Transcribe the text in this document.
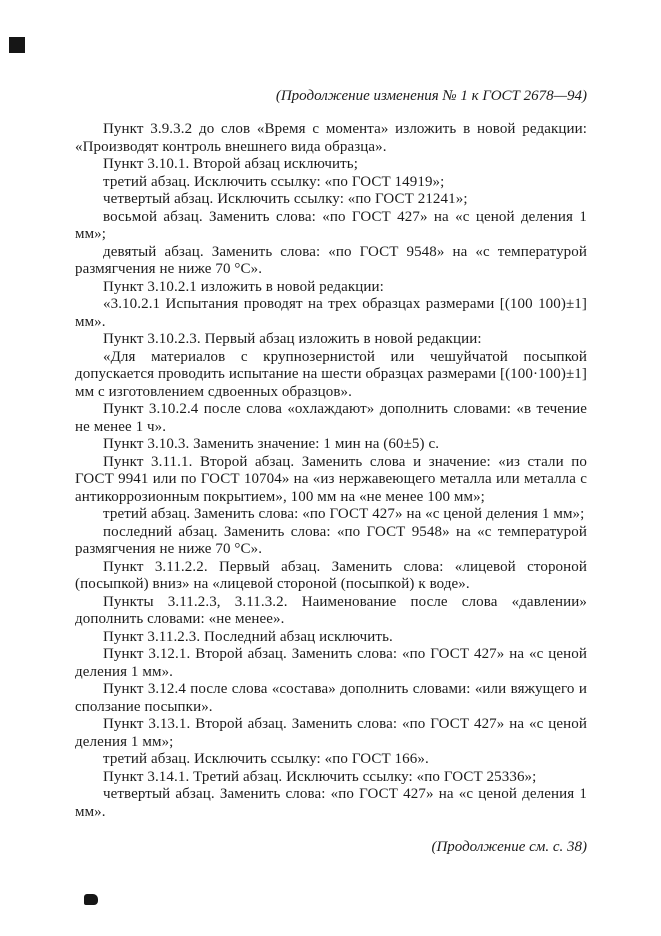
(Продолжение изменения № 1 к ГОСТ 2678—94)

Пункт 3.9.3.2 до слов «Время с момента» изложить в новой редакции: «Производят контроль внешнего вида образца».

Пункт 3.10.1. Второй абзац исключить;

третий абзац. Исключить ссылку: «по ГОСТ 14919»;

четвертый абзац. Исключить ссылку: «по ГОСТ 21241»;

восьмой абзац. Заменить слова: «по ГОСТ 427» на «с ценой деления 1 мм»;

девятый абзац. Заменить слова: «по ГОСТ 9548» на «с температурой размягчения не ниже 70 °С».

Пункт 3.10.2.1 изложить в новой редакции:

«3.10.2.1 Испытания проводят на трех образцах размерами [(100 100)±1] мм».

Пункт 3.10.2.3. Первый абзац изложить в новой редакции:

«Для материалов с крупнозернистой или чешуйчатой посыпкой допускается проводить испытание на шести образцах размерами [(100·100)±1] мм с изготовлением сдвоенных образцов».

Пункт 3.10.2.4 после слова «охлаждают» дополнить словами: «в течение не менее 1 ч».

Пункт 3.10.3. Заменить значение: 1 мин на (60±5) с.

Пункт 3.11.1. Второй абзац. Заменить слова и значение: «из стали по ГОСТ 9941 или по ГОСТ 10704» на «из нержавеющего металла или металла с антикоррозионным покрытием», 100 мм на «не менее 100 мм»;

третий абзац. Заменить слова: «по ГОСТ 427» на «с ценой деления 1 мм»;

последний абзац. Заменить слова: «по ГОСТ 9548» на «с температурой размягчения не ниже 70 °С».

Пункт 3.11.2.2. Первый абзац. Заменить слова: «лицевой стороной (посыпкой) вниз» на «лицевой стороной (посыпкой) к воде».

Пункты 3.11.2.3, 3.11.3.2. Наименование после слова «давлении» дополнить словами: «не менее».

Пункт 3.11.2.3. Последний абзац исключить.

Пункт 3.12.1. Второй абзац. Заменить слова: «по ГОСТ 427» на «с ценой деления 1 мм».

Пункт 3.12.4 после слова «состава» дополнить словами: «или вяжущего и сползание посыпки».

Пункт 3.13.1. Второй абзац. Заменить слова: «по ГОСТ 427» на «с ценой деления 1 мм»;

третий абзац. Исключить ссылку: «по ГОСТ 166».

Пункт 3.14.1. Третий абзац. Исключить ссылку: «по ГОСТ 25336»;

четвертый абзац. Заменить слова: «по ГОСТ 427» на «с ценой деления 1 мм».

(Продолжение см. с. 38)
